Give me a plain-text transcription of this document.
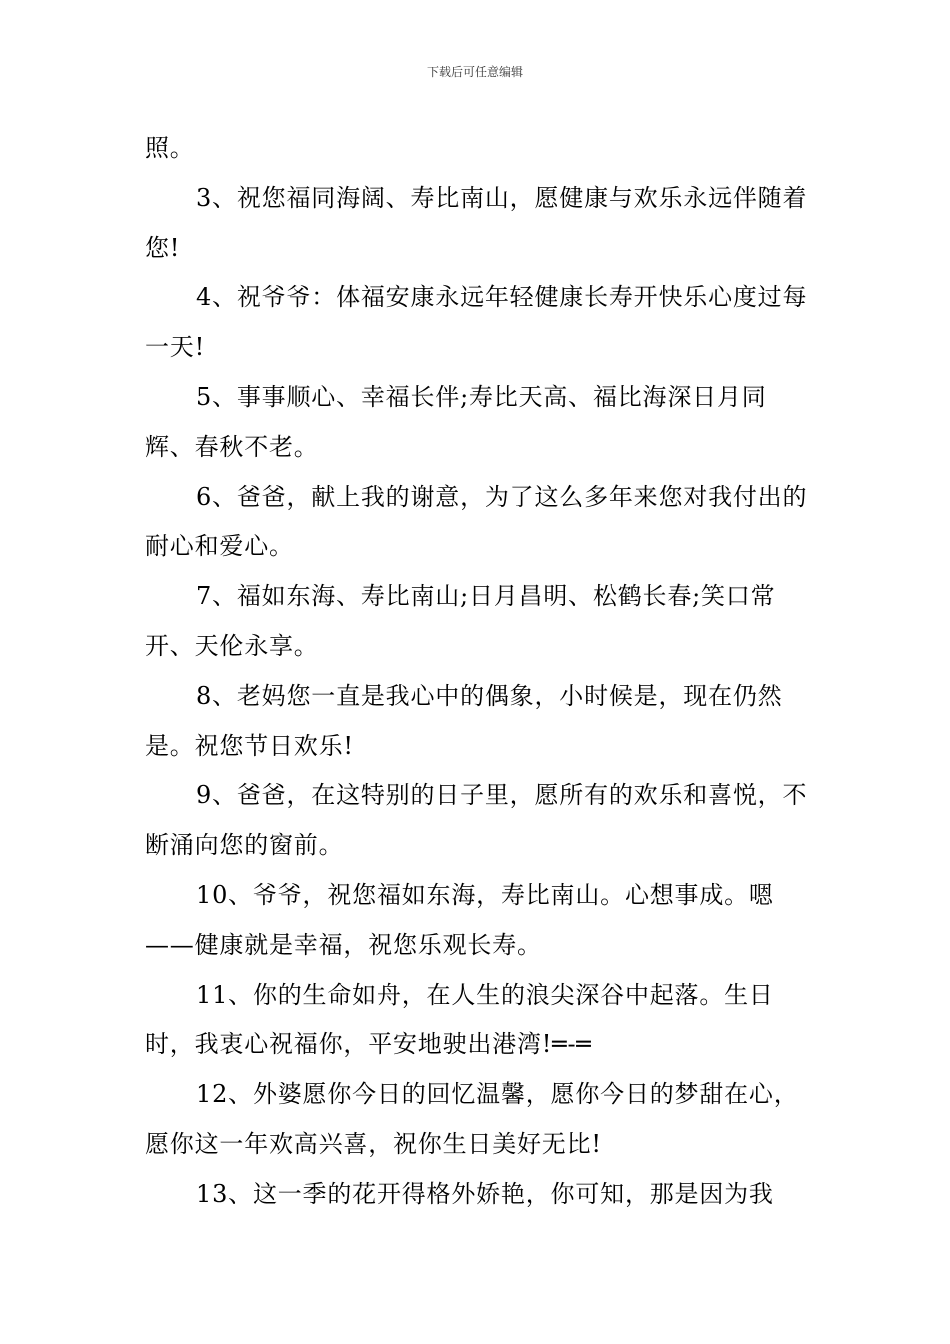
下载后可任意编辑

照。

3、祝您福同海阔、寿比南山，愿健康与欢乐永远伴随着您!

4、祝爷爷：体福安康永远年轻健康长寿开快乐心度过每一天!

5、事事顺心、幸福长伴;寿比天高、福比海深日月同辉、春秋不老。

6、爸爸，献上我的谢意，为了这么多年来您对我付出的耐心和爱心。

7、福如东海、寿比南山;日月昌明、松鹤长春;笑口常开、天伦永享。

8、老妈您一直是我心中的偶象，小时候是，现在仍然是。祝您节日欢乐!

9、爸爸，在这特别的日子里，愿所有的欢乐和喜悦，不断涌向您的窗前。

10、爷爷，祝您福如东海，寿比南山。心想事成。嗯——健康就是幸福，祝您乐观长寿。

11、你的生命如舟，在人生的浪尖深谷中起落。生日时，我衷心祝福你，平安地驶出港湾!═-═

12、外婆愿你今日的回忆温馨，愿你今日的梦甜在心，愿你这一年欢高兴喜，祝你生日美好无比!

13、这一季的花开得格外娇艳，你可知，那是因为我
